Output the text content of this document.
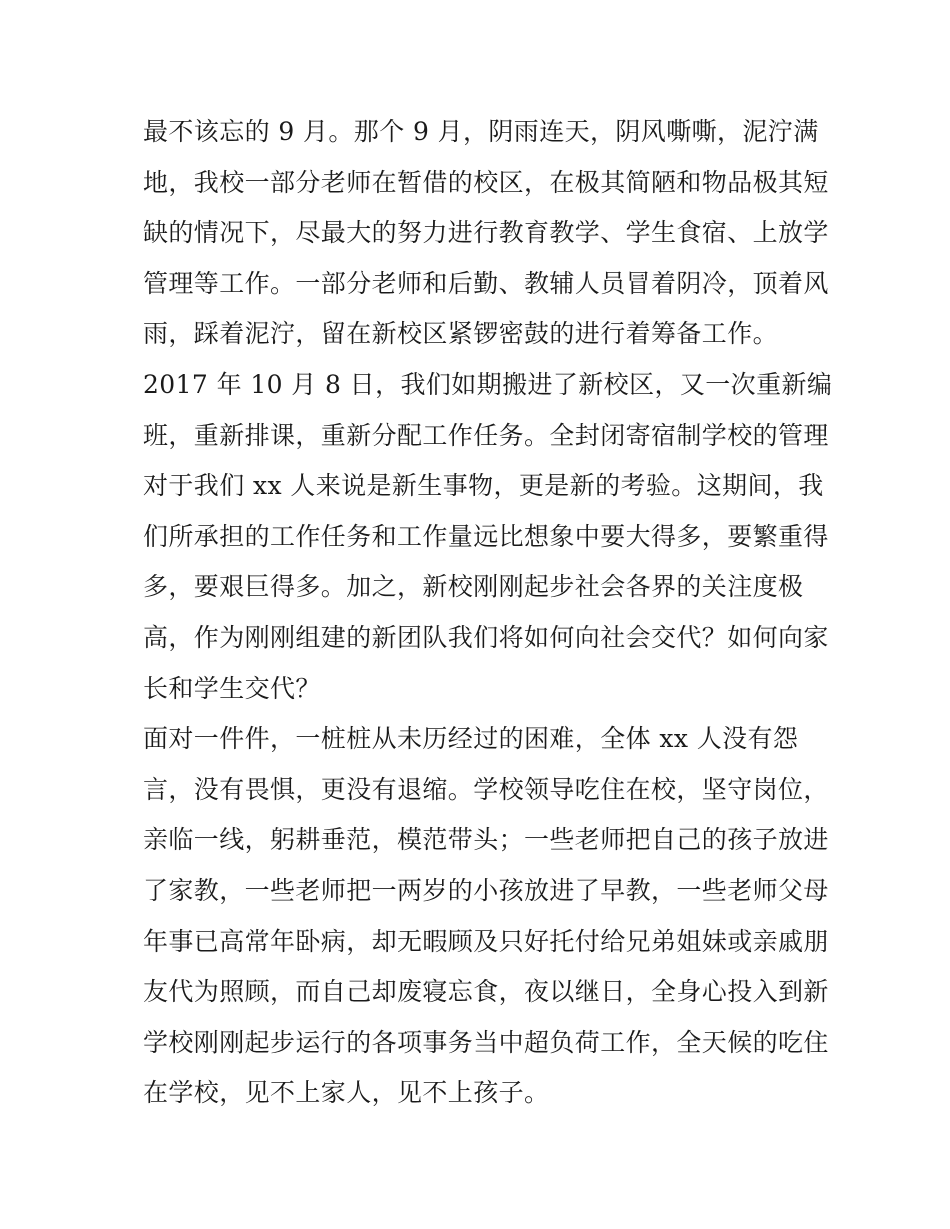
最不该忘的 9 月。那个 9 月，阴雨连天，阴风嘶嘶，泥泞满
地，我校一部分老师在暂借的校区，在极其简陋和物品极其短
缺的情况下，尽最大的努力进行教育教学、学生食宿、上放学
管理等工作。一部分老师和后勤、教辅人员冒着阴冷，顶着风
雨，踩着泥泞，留在新校区紧锣密鼓的进行着筹备工作。
2017 年 10 月 8 日，我们如期搬进了新校区，又一次重新编
班，重新排课，重新分配工作任务。全封闭寄宿制学校的管理
对于我们 xx 人来说是新生事物，更是新的考验。这期间，我
们所承担的工作任务和工作量远比想象中要大得多，要繁重得
多，要艰巨得多。加之，新校刚刚起步社会各界的关注度极
高，作为刚刚组建的新团队我们将如何向社会交代？如何向家
长和学生交代？
面对一件件，一桩桩从未历经过的困难，全体 xx 人没有怨
言，没有畏惧，更没有退缩。学校领导吃住在校，坚守岗位，
亲临一线，躬耕垂范，模范带头；一些老师把自己的孩子放进
了家教，一些老师把一两岁的小孩放进了早教，一些老师父母
年事已高常年卧病，却无暇顾及只好托付给兄弟姐妹或亲戚朋
友代为照顾，而自己却废寝忘食，夜以继日，全身心投入到新
学校刚刚起步运行的各项事务当中超负荷工作，全天候的吃住
在学校，见不上家人，见不上孩子。
